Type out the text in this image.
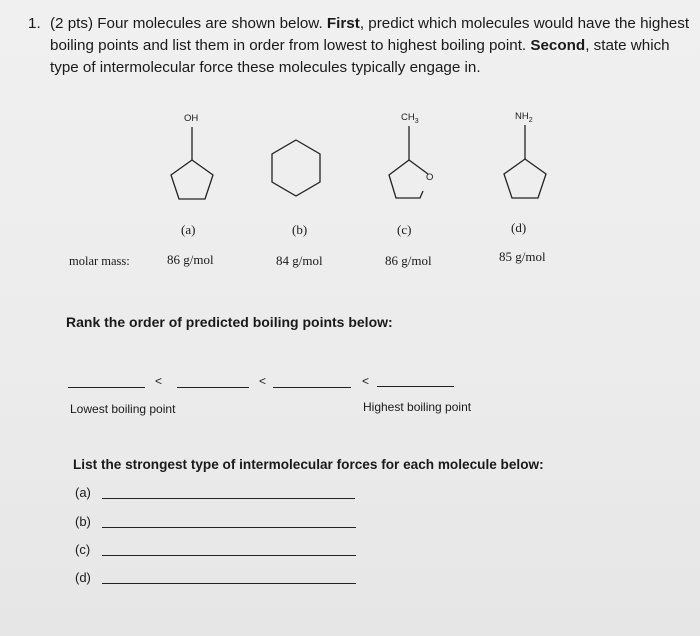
1. (2 pts) Four molecules are shown below. First, predict which molecules would have the highest boiling points and list them in order from lowest to highest boiling point. Second, state which type of intermolecular force these molecules typically engage in.
OH	$CH_3$
O
$NH_2$
(a)	(b)	(c)	(d)
molar mass:	86 g/mol	84 g/mol	86 g/mol	85 g/mol
Rank the order of predicted boiling points below:
<	<	<
Lowest boiling point	Highest boiling point
List the strongest type of intermolecular forces for each molecule below:
(a)
(b)
(c)
(d)
